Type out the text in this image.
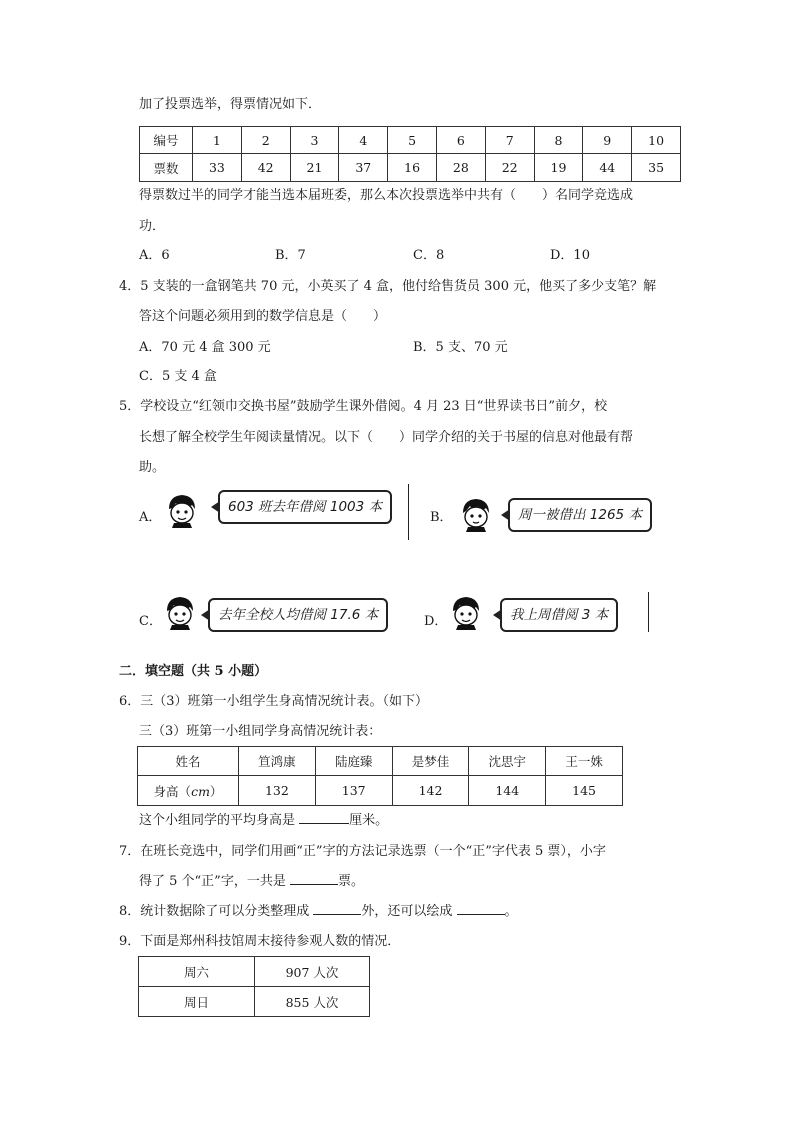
加了投票选举，得票情况如下．
编号	1	2	3	4	5	6	7	8	9	10
票数	33	42	21	37	16	28	22	19	44	35
得票数过半的同学才能当选本届班委，那么本次投票选举中共有（　　）名同学竞选成
功．
A．6	B．7	C．8	D．10
4．5 支装的一盒钢笔共 70 元，小英买了 4 盒，他付给售货员 300 元，他买了多少支笔？解
答这个问题必须用到的数学信息是（　　）
A．70 元 4 盒 300 元	B．5 支、70 元
C．5 支 4 盒
5．学校设立“红领巾交换书屋”鼓励学生课外借阅。4 月 23 日“世界读书日”前夕，校
长想了解全校学生年阅读量情况。以下（　　）同学介绍的关于书屋的信息对他最有帮
助。
A．
603 班去年借阅 1003 本
B．	周一被借出 1265 本
C．	去年全校人均借阅 17.6 本	D．	我上周借阅 3 本
二．填空题（共 5 小题）
6．三（3）班第一小组学生身高情况统计表。（如下）
三（3）班第一小组同学身高情况统计表：
姓名	笪鸿康	陆庭臻	是梦佳	沈思宇	王一姝
身高（cm）	132	137	142	144	145
这个小组同学的平均身高是	厘米。
7．在班长竞选中，同学们用画“正”字的方法记录选票（一个“正”字代表 5 票），小字
得了 5 个“正”字，一共是	票。
8．统计数据除了可以分类整理成	外，还可以绘成	。
9．下面是郑州科技馆周末接待参观人数的情况．
周六	907 人次
周日	855 人次
